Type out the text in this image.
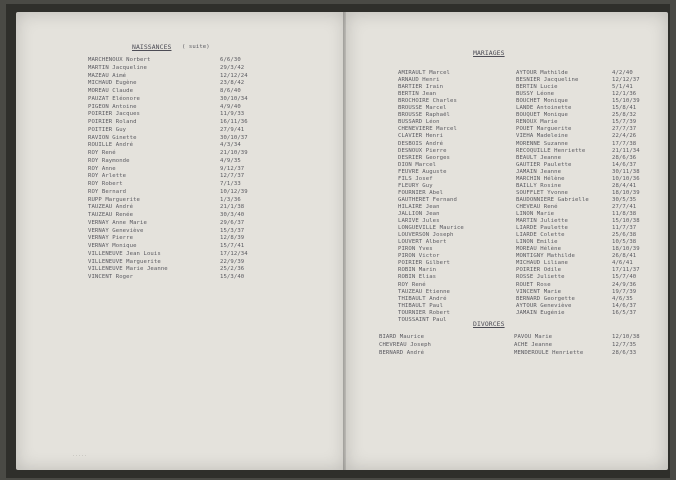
NAISSANCES ( suite)
MARCHENOUX Norbert	6/6/30
MARTIN Jacqueline	29/3/42
MAZEAU Aimé	12/12/24
MICHAUD Eugène	23/8/42
MOREAU Claude	8/6/40
PAUZAT Eléonore	30/10/34
PIGEON Antoine	4/9/40
POIRIER Jacques	11/9/33
POIRIER Roland	16/11/36
POITIER Guy	27/9/41
RAVION Ginette	30/10/37
ROUILLE André	4/3/34
ROY René	21/10/39
ROY Raymonde	4/9/35
ROY Anne	9/12/37
ROY Arlette	12/7/37
ROY Robert	7/1/33
ROY Bernard	10/12/39
RUPP Marguerite	1/3/36
TAUZEAU André	21/1/38
TAUZEAU Renée	30/3/40
VERNAY Anne Marie	29/6/37
VERNAY Geneviève	15/3/37
VERNAY Pierre	12/8/39
VERNAY Monique	15/7/41
VILLENEUVE Jean Louis	17/12/34
VILLENEUVE Marguerite	22/9/39
VILLENEUVE Marie Jeanne	25/2/36
VINCENT Roger	15/3/40
.....
MARIAGES
AMIRAULT Marcel	AYTOUR Mathilde	4/2/40
ARNAUD Henri	BESNIER Jacqueline	12/12/37
BARTIER Irain	BERTIN Lucie	5/1/41
BERTIN Jean	BUSSY Léone	12/1/36
BROCHOIRE Charles	BOUCHET Monique	15/10/39
BROUSSE Marcel	LANDE Antoinette	15/8/41
BROUSSE Raphaël	BOUQUET Monique	25/8/32
BUSSARD Léon	RENOUX Marie	15/7/39
CHENEVIERE Marcel	POUET Marguerite	27/7/37
CLAVIER Henri	VIEHA Madeleine	22/4/26
DESBOIS André	MORENNE Suzanne	17/7/38
DESNOUX Pierre	RECOQUILLE Henriette	21/11/34
DESRIER Georges	BEAULT Jeanne	28/6/36
DION Marcel	GAUTIER Paulette	14/6/37
FEUVRE Auguste	JAMAIN Jeanne	30/11/38
FILS Josef	MARCHIN Hélène	10/10/36
FLEURY Guy	BAILLY Rosine	28/4/41
FOURNIER Abel	SOUFFLET Yvonne	18/10/39
GAUTHERET Fernand	BAUDONNIERE Gabrielle	30/5/35
HILAIRE Jean	CHEVEAU René	27/7/41
JALLION Jean	LINON Marie	11/8/38
LARIVE Jules	MARTIN Juliette	15/10/38
LONGUEVILLE Maurice	LIARDE Paulette	11/7/37
LOUVERSON Joseph	LIARDE Colette	25/6/38
LOUVERT Albert	LINON Emilie	10/5/38
PIRON Yves	MOREAU Hélène	18/10/39
PIRON Victor	MONTIGNY Mathilde	26/8/41
POIRIER Gilbert	MICHAUD Liliane	4/6/41
ROBIN Marin	POIRIER Odile	17/11/37
ROBIN Elias	ROSSE Juliette	15/7/40
ROY René	ROUET Rose	24/9/36
TAUZEAU Etienne	VINCENT Marie	19/7/39
THIBAULT André	BERNARD Georgette	4/6/35
THIBAULT Paul	AYTOUR Geneviève	14/6/37
TOURNIER Robert	JAMAIN Eugénie	16/5/37
TOUSSAINT Paul
DIVORCES
BIARD Maurice	PAVOU Marie	12/10/38
CHEVREAU Joseph	ACHE Jeanne	12/7/35
BERNARD André	MENDEROULE Henriette	28/6/33
